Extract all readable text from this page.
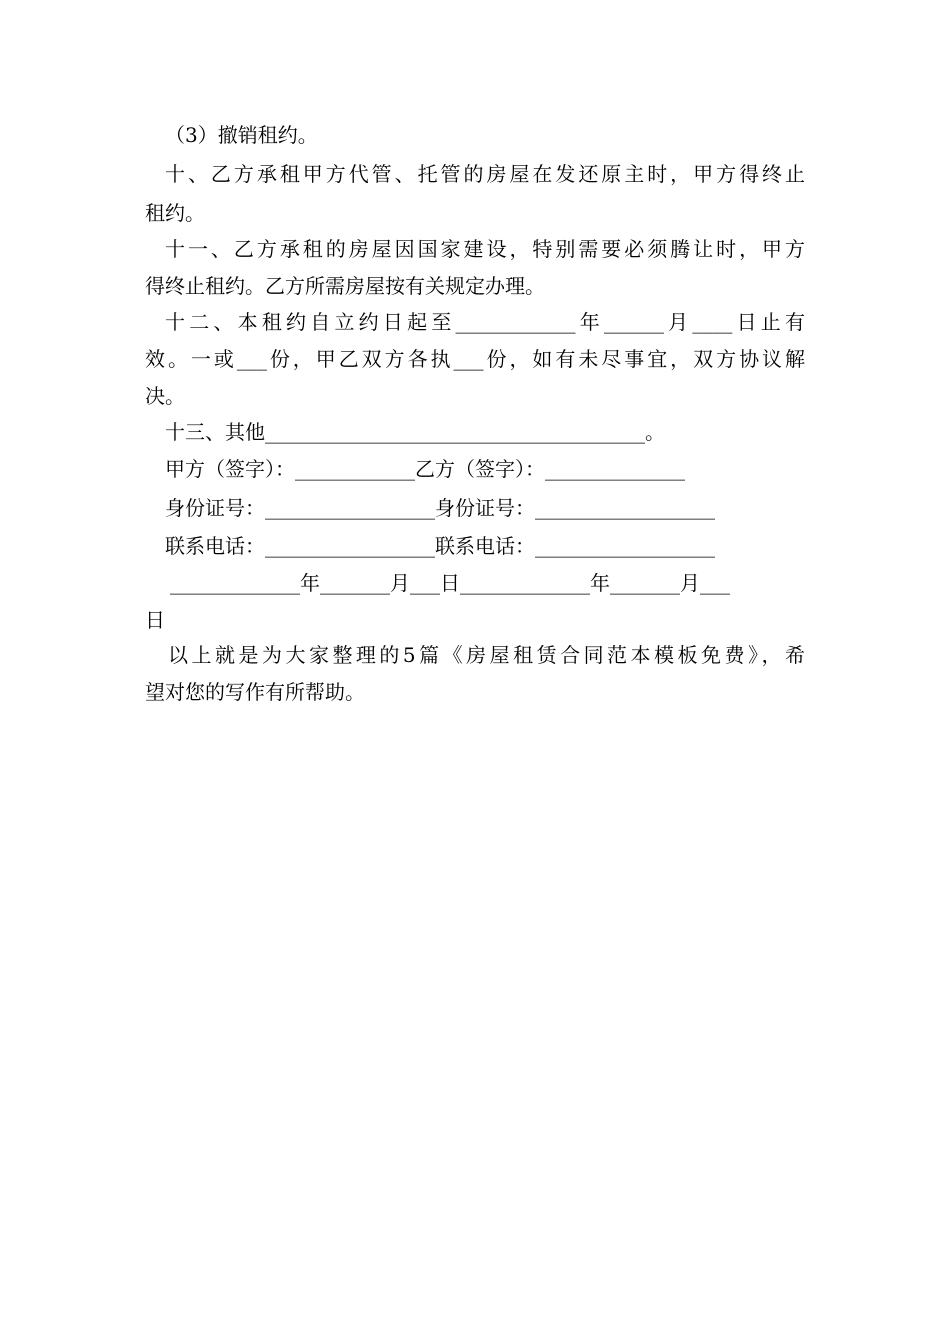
（3）撤销租约。
十、乙方承租甲方代管、托管的房屋在发还原主时，甲方得终止
租约。
十一、乙方承租的房屋因国家建设，特别需要必须腾让时，甲方
得终止租约。乙方所需房屋按有关规定办理。
十二、本租约自立约日起至____________年______月____日止有
效。一或___份，甲乙双方各执___份，如有未尽事宜，双方协议解
决。
十三、其他______________________________________。
甲方（签字）：____________乙方（签字）：______________
身份证号：_________________身份证号：__________________
联系电话：_________________联系电话：__________________
_____________年_______月___日_____________年_______月___
日
以上就是为大家整理的5篇《房屋租赁合同范本模板免费》，希
望对您的写作有所帮助。
